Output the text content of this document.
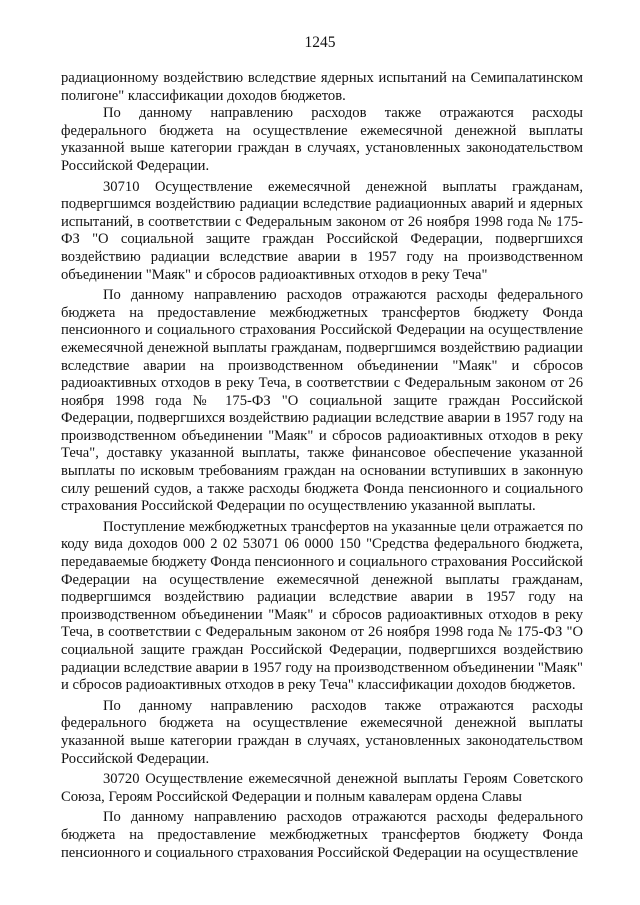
1245

радиационному воздействию вследствие ядерных испытаний на Семипалатинском полигоне" классификации доходов бюджетов.

По данному направлению расходов также отражаются расходы федерального бюджета на осуществление ежемесячной денежной выплаты указанной выше категории граждан в случаях, установленных законодательством Российской Федерации.

30710 Осуществление ежемесячной денежной выплаты гражданам, подвергшимся воздействию радиации вследствие радиационных аварий и ядерных испытаний, в соответствии с Федеральным законом от 26 ноября 1998 года № 175-ФЗ "О социальной защите граждан Российской Федерации, подвергшихся воздействию радиации вследствие аварии в 1957 году на производственном объединении "Маяк" и сбросов радиоактивных отходов в реку Теча"

По данному направлению расходов отражаются расходы федерального бюджета на предоставление межбюджетных трансфертов бюджету Фонда пенсионного и социального страхования Российской Федерации на осуществление ежемесячной денежной выплаты гражданам, подвергшимся воздействию радиации вследствие аварии на производственном объединении "Маяк" и сбросов радиоактивных отходов в реку Теча, в соответствии с Федеральным законом от 26 ноября 1998 года № 175-ФЗ "О социальной защите граждан Российской Федерации, подвергшихся воздействию радиации вследствие аварии в 1957 году на производственном объединении "Маяк" и сбросов радиоактивных отходов в реку Теча", доставку указанной выплаты, также финансовое обеспечение указанной выплаты по исковым требованиям граждан на основании вступивших в законную силу решений судов, а также расходы бюджета Фонда пенсионного и социального страхования Российской Федерации по осуществлению указанной выплаты.

Поступление межбюджетных трансфертов на указанные цели отражается по коду вида доходов 000 2 02 53071 06 0000 150 "Средства федерального бюджета, передаваемые бюджету Фонда пенсионного и социального страхования Российской Федерации на осуществление ежемесячной денежной выплаты гражданам, подвергшимся воздействию радиации вследствие аварии в 1957 году на производственном объединении "Маяк" и сбросов радиоактивных отходов в реку Теча, в соответствии с Федеральным законом от 26 ноября 1998 года № 175-ФЗ "О социальной защите граждан Российской Федерации, подвергшихся воздействию радиации вследствие аварии в 1957 году на производственном объединении "Маяк" и сбросов радиоактивных отходов в реку Теча" классификации доходов бюджетов.

По данному направлению расходов также отражаются расходы федерального бюджета на осуществление ежемесячной денежной выплаты указанной выше категории граждан в случаях, установленных законодательством Российской Федерации.

30720 Осуществление ежемесячной денежной выплаты Героям Советского Союза, Героям Российской Федерации и полным кавалерам ордена Славы

По данному направлению расходов отражаются расходы федерального бюджета на предоставление межбюджетных трансфертов бюджету Фонда пенсионного и социального страхования Российской Федерации на осуществление
